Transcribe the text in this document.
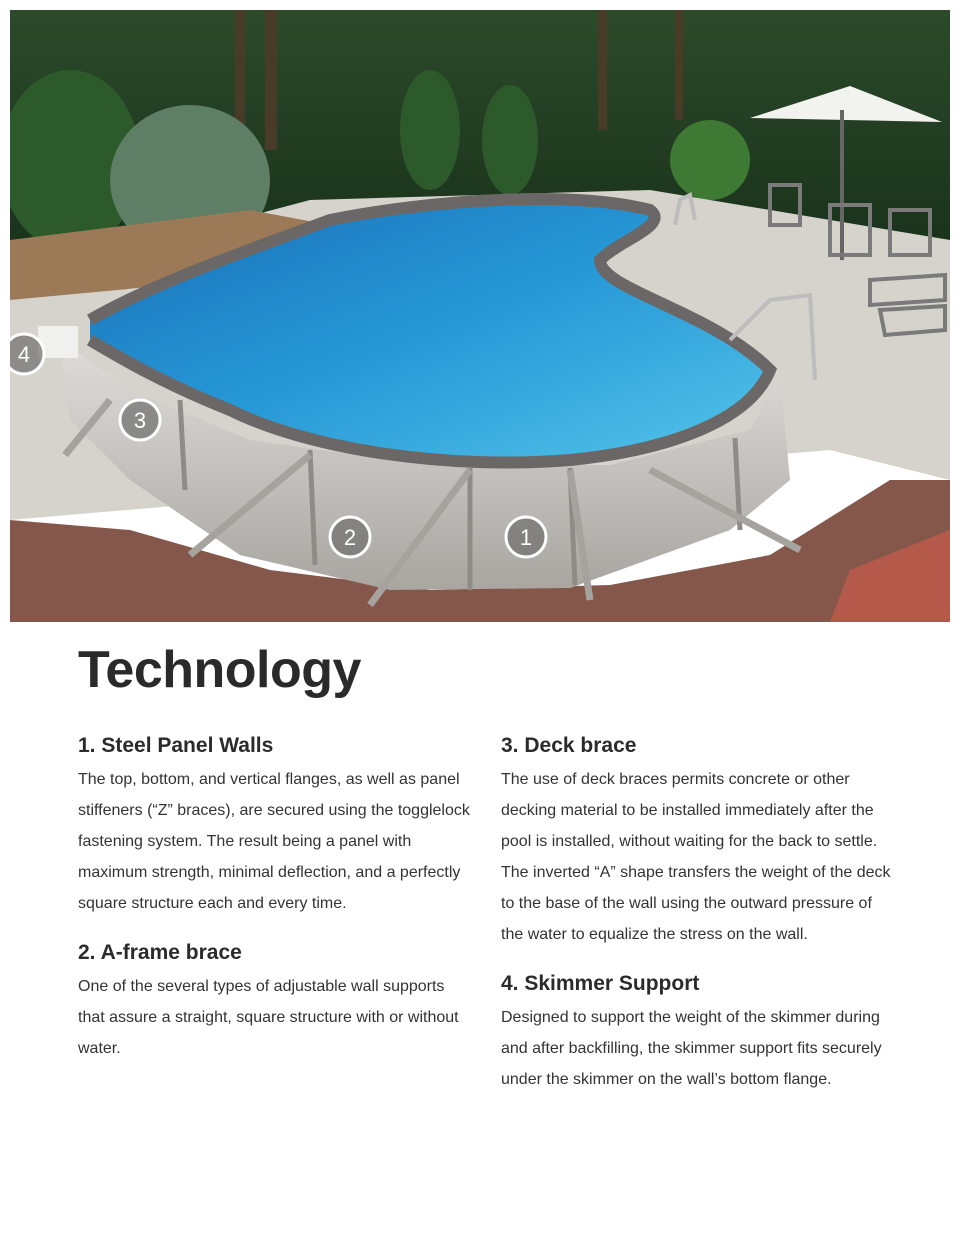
1
2
3
4
Technology
1. Steel Panel Walls

The top, bottom, and vertical flanges, as well as panel stiffeners (“Z” braces), are secured using the togglelock fastening system. The result being a panel with maximum strength, minimal deflection, and a perfectly square structure each and every time.

2. A-frame brace

One of the several types of adjustable wall supports that assure a straight, square structure with or without water.

3. Deck brace

The use of deck braces permits concrete or other decking material to be installed immediately after the pool is installed, without waiting for the back to settle. The inverted “A” shape transfers the weight of the deck to the base of the wall using the outward pressure of the water to equalize the stress on the wall.

4. Skimmer Support

Designed to support the weight of the skimmer during and after backfilling, the skimmer support fits securely under the skimmer on the wall’s bottom flange.
